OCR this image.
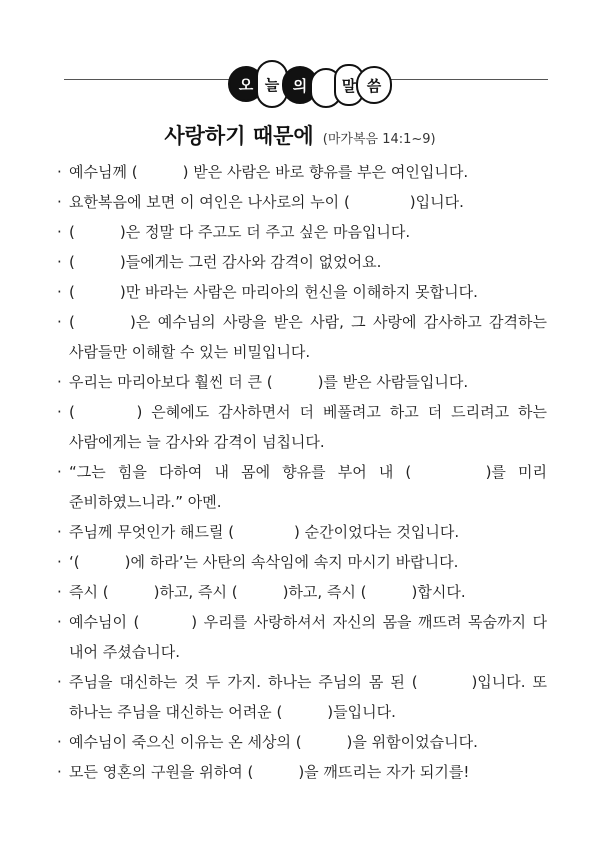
오 늘 의	말 씀
사랑하기 때문에 (마가복음 14:1~9)
· 예수님께 (　　　) 받은 사람은 바로 향유를 부은 여인입니다.
· 요한복음에 보면 이 여인은 나사로의 누이 (　　　　)입니다.
· (　　　)은 정말 다 주고도 더 주고 싶은 마음입니다.
· (　　　)들에게는 그런 감사와 감격이 없었어요.
· (　　　)만 바라는 사람은 마리아의 헌신을 이해하지 못합니다.
· (　　　)은 예수님의 사랑을 받은 사람, 그 사랑에 감사하고 감격하는 사람들만 이해할 수 있는 비밀입니다.
· 우리는 마리아보다 훨씬 더 큰 (　　　)를 받은 사람들입니다.
· (　　　) 은혜에도 감사하면서 더 베풀려고 하고 더 드리려고 하는 사람에게는 늘 감사와 감격이 넘칩니다.
· “그는 힘을 다하여 내 몸에 향유를 부어 내 (　　　)를 미리 준비하였느니라.” 아멘.
· 주님께 무엇인가 해드릴 (　　　　) 순간이었다는 것입니다.
· ‘(　　　)에 하라’는 사탄의 속삭임에 속지 마시기 바랍니다.
· 즉시 (　　　)하고, 즉시 (　　　)하고, 즉시 (　　　)합시다.
· 예수님이 (　　　) 우리를 사랑하셔서 자신의 몸을 깨뜨려 목숨까지 다 내어 주셨습니다.
· 주님을 대신하는 것 두 가지. 하나는 주님의 몸 된 (　　　)입니다. 또 하나는 주님을 대신하는 어려운 (　　　)들입니다.
· 예수님이 죽으신 이유는 온 세상의 (　　　)을 위함이었습니다.
· 모든 영혼의 구원을 위하여 (　　　)을 깨뜨리는 자가 되기를!
